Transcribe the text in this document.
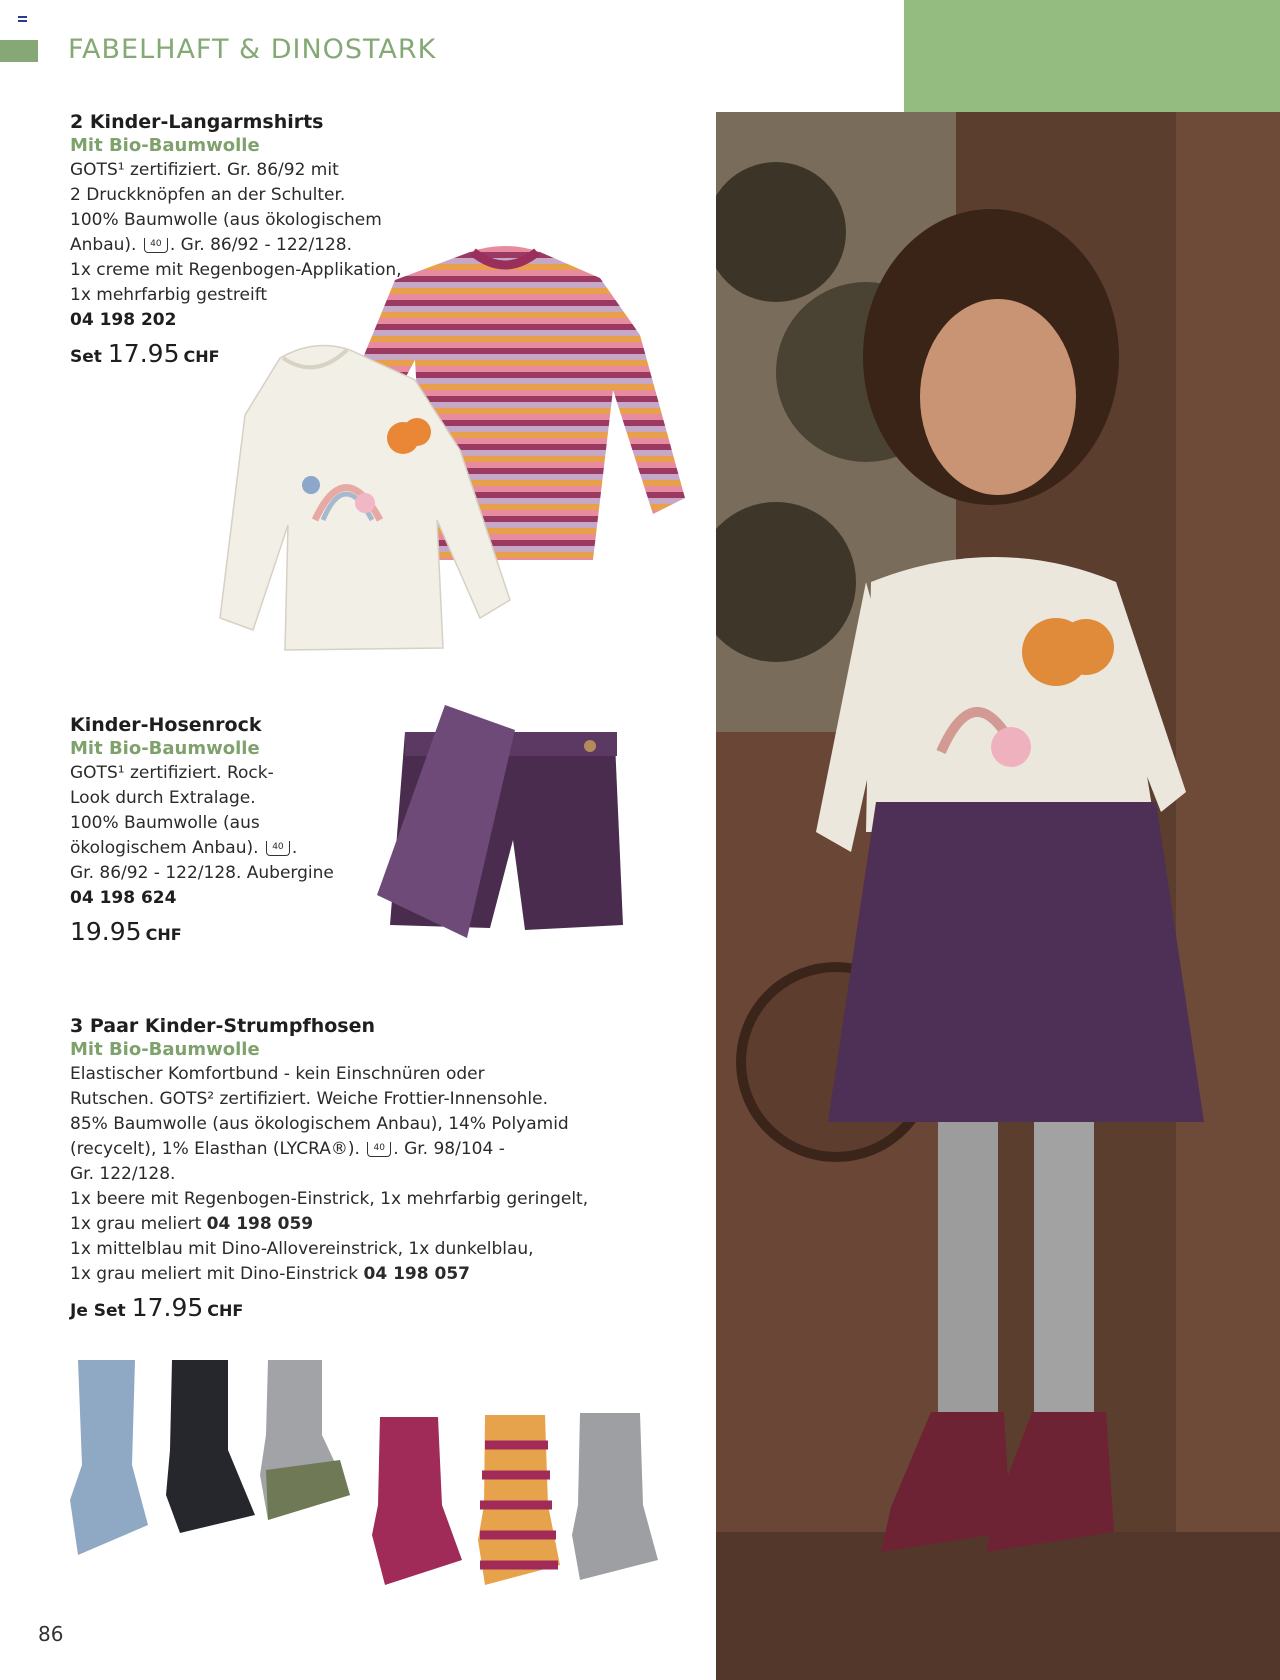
FABELHAFT & DINOSTARK
2 Kinder-Langarmshirts
Mit Bio-Baumwolle
GOTS¹ zertifiziert. Gr. 86/92 mit
2 Druckknöpfen an der Schulter.
100% Baumwolle (aus ökologischem
Anbau). 40 . Gr. 86/92 - 122/128.
1x creme mit Regenbogen-Applikation,
1x mehrfarbig gestreift
04 198 202
Set 17.95 CHF
Kinder-Hosenrock
Mit Bio-Baumwolle
GOTS¹ zertifiziert. Rock-
Look durch Extralage.
100% Baumwolle (aus
ökologischem Anbau). 40 .
Gr. 86/92 - 122/128. Aubergine
04 198 624
19.95 CHF
3 Paar Kinder-Strumpfhosen
Mit Bio-Baumwolle
Elastischer Komfortbund - kein Einschnüren oder
Rutschen. GOTS² zertifiziert. Weiche Frottier-Innensohle.
85% Baumwolle (aus ökologischem Anbau), 14% Polyamid
(recycelt), 1% Elasthan (LYCRA®). 40 . Gr. 98/104 -
Gr. 122/128.
1x beere mit Regenbogen-Einstrick, 1x mehrfarbig geringelt,
1x grau meliert 04 198 059
1x mittelblau mit Dino-Allovereinstrick, 1x dunkelblau,
1x grau meliert mit Dino-Einstrick 04 198 057
Je Set 17.95 CHF
86
